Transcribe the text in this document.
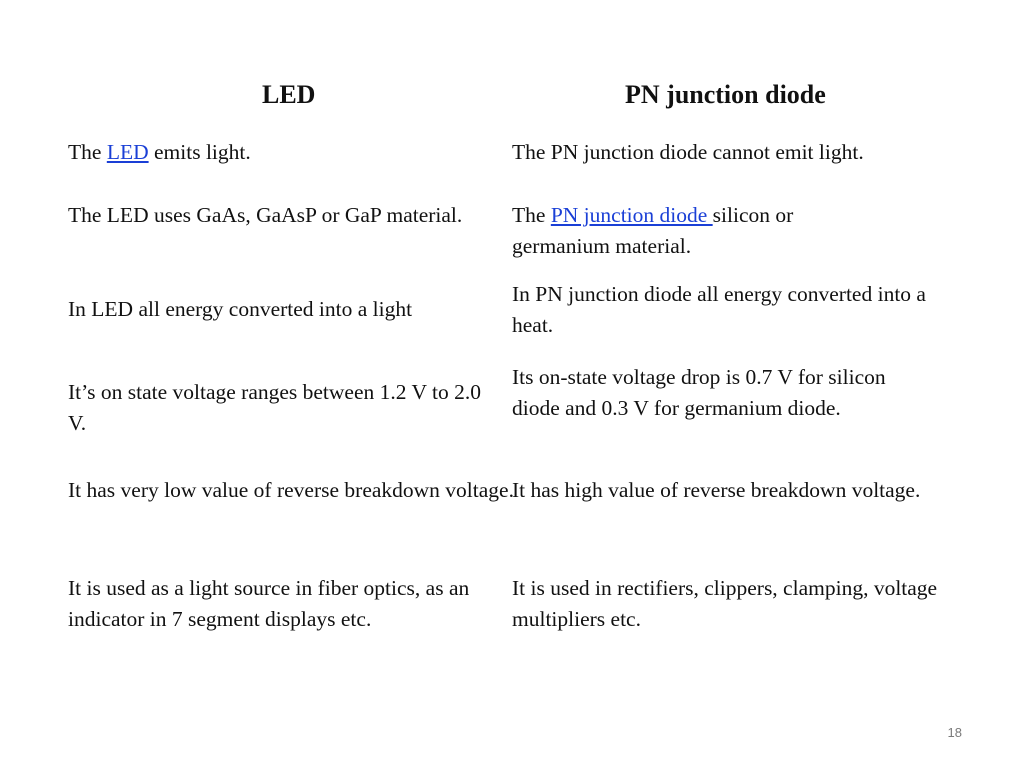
LED	PN junction diode
The LED emits light.	The PN junction diode cannot emit light.
The LED uses GaAs, GaAsP or GaP material. The PN junction diode silicon or germanium material.
In LED all energy converted into a light
In PN junction diode all energy converted into a heat.
It’s on state voltage ranges between 1.2 V to 2.0 V.
Its on-state voltage drop is 0.7 V for silicon diode and 0.3 V for germanium diode.
It has very low value of reverse breakdown voltage.
It has high value of reverse breakdown voltage.
It is used as a light source in fiber optics, as an indicator in 7 segment displays etc.
It is used in rectifiers, clippers, clamping, voltage multipliers etc.
18
